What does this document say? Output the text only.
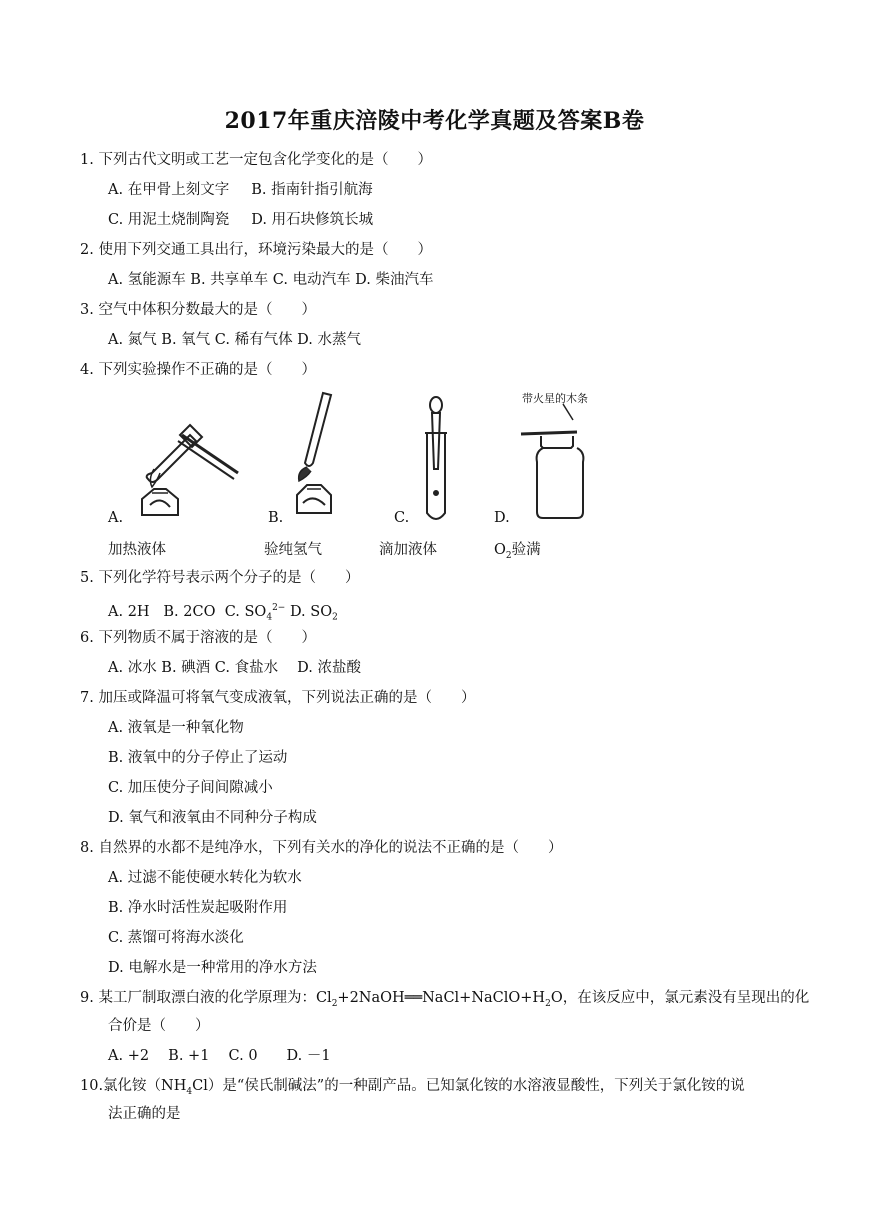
2017年重庆涪陵中考化学真题及答案B卷
1. 下列古代文明或工艺一定包含化学变化的是（　　）
A. 在甲骨上刻文字 B. 指南针指引航海
C. 用泥土烧制陶瓷 D. 用石块修筑长城
2. 使用下列交通工具出行，环境污染最大的是（　　）
A. 氢能源车 B. 共享单车 C. 电动汽车 D. 柴油汽车
3. 空气中体积分数最大的是（　　）
A. 氮气 B. 氧气 C. 稀有气体 D. 水蒸气
4. 下列实验操作不正确的是（　　）
A.	B.	C.
带火星的木条
D.
加热液体	验纯氢气	滴加液体	$O_2$验满
5. 下列化学符号表示两个分子的是（　　）
A. 2H B. 2CO C. $SO_4^{2-}$ D. $SO_2$
6. 下列物质不属于溶液的是（　　）
A. 冰水 B. 碘酒 C. 食盐水　 D. 浓盐酸
7. 加压或降温可将氧气变成液氧，下列说法正确的是（　　）
A. 液氧是一种氧化物
B. 液氧中的分子停止了运动
C. 加压使分子间间隙减小
D. 氧气和液氧由不同种分子构成
8. 自然界的水都不是纯净水，下列有关水的净化的说法不正确的是（　　）
A. 过滤不能使硬水转化为软水
B. 净水时活性炭起吸附作用
C. 蒸馏可将海水淡化
D. 电解水是一种常用的净水方法
9. 某工厂制取漂白液的化学原理为：$Cl_2+2NaOH══NaCl+NaClO+H_2O$，在该反应中，氯元素没有呈现出的化
合价是（　　）
A. +2　 B. +1　 C. 0　　D. －1
10.氯化铵$(NH_4Cl)$是“侯氏制碱法”的一种副产品。已知氯化铵的水溶液显酸性，下列关于氯化铵的说
法正确的是
